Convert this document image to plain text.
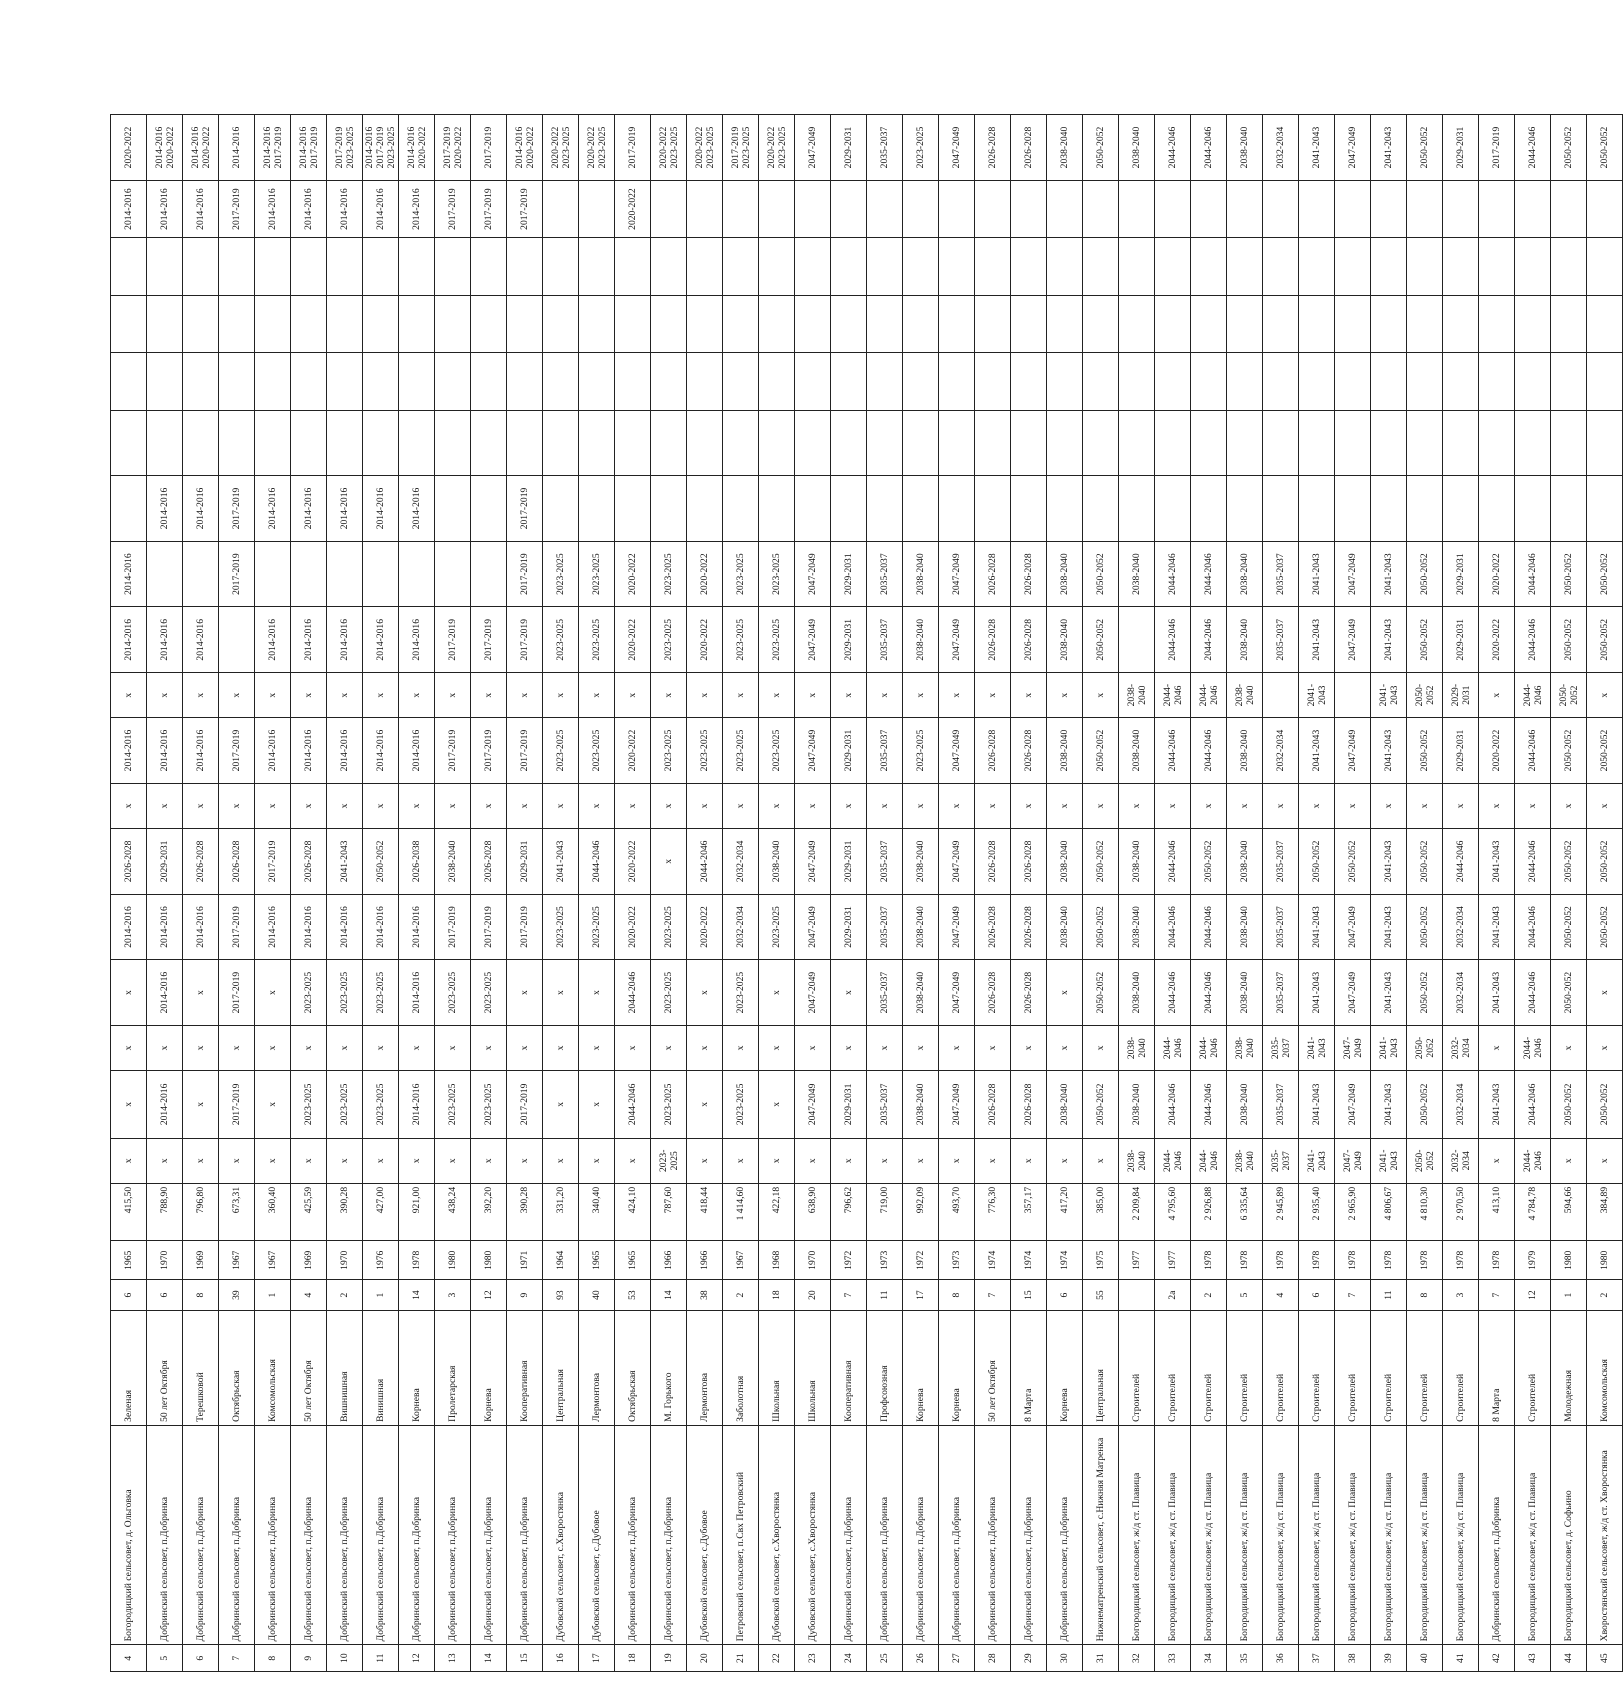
4	Богородицкий сельсовет, д. Ольговка	Зеленая	6	1965	415,50	x	x	x	x	2014-2016	2026-2028	x	2014-2016	x	2014-2016	2014-2016						2014-2016	2020-2022
5	Добринский сельсовет, п.Добринка	50 лет Октября	6	1970	788,90	x	2014-2016	x	2014-2016	2014-2016	2029-2031	x	2014-2016	x	2014-2016		2014-2016					2014-2016	2014-2016 2020-2022
6	Добринский сельсовет, п.Добринка	Терешковой	8	1969	796,80	x	x	x	x	2014-2016	2026-2028	x	2014-2016	x	2014-2016		2014-2016					2014-2016	2014-2016 2020-2022
7	Добринский сельсовет, п.Добринка	Октябрьская	39	1967	673,31	x	2017-2019	x	2017-2019	2017-2019	2026-2028	x	2017-2019	x		2017-2019	2017-2019					2017-2019	2014-2016
8	Добринский сельсовет, п.Добринка	Комсомольская	1	1967	360,40	x	x	x	x	2014-2016	2017-2019	x	2014-2016	x	2014-2016		2014-2016					2014-2016	2014-2016 2017-2019
9	Добринский сельсовет, п.Добринка	50 лет Октября	4	1969	425,59	x	2023-2025	x	2023-2025	2014-2016	2026-2028	x	2014-2016	x	2014-2016		2014-2016					2014-2016	2014-2016 2017-2019
10	Добринский сельсовет, п.Добринка	Вишнишная	2	1970	390,28	x	2023-2025	x	2023-2025	2014-2016	2041-2043	x	2014-2016	x	2014-2016		2014-2016					2014-2016	2017-2019 2023-2025
11	Добринский сельсовет, п.Добринка	Винишная	1	1976	427,00	x	2023-2025	x	2023-2025	2014-2016	2050-2052	x	2014-2016	x	2014-2016		2014-2016					2014-2016	2014-2016 2017-2019 2023-2025
12	Добринский сельсовет, п.Добринка	Корнева	14	1978	921,00	x	2014-2016	x	2014-2016	2014-2016	2026-2038	x	2014-2016	x	2014-2016		2014-2016					2014-2016	2014-2016 2020-2022
13	Добринский сельсовет, п.Добринка	Пролетарская	3	1980	438,24	x	2023-2025	x	2023-2025	2017-2019	2038-2040	x	2017-2019	x	2017-2019							2017-2019	2017-2019 2020-2022
14	Добринский сельсовет, п.Добринка	Корнева	12	1980	392,20	x	2023-2025	x	2023-2025	2017-2019	2026-2028	x	2017-2019	x	2017-2019							2017-2019	2017-2019
15	Добринский сельсовет, п.Добринка	Кооперативная	9	1971	390,28	x	2017-2019	x	x	2017-2019	2029-2031	x	2017-2019	x	2017-2019	2017-2019	2017-2019					2017-2019	2014-2016 2020-2022
16	Дубовской сельсовет, с.Хворостянка	Центральная	93	1964	331,20	x	x	x	x	2023-2025	2041-2043	x	2023-2025	x	2023-2025	2023-2025							2020-2022 2023-2025
17	Дубовской сельсовет, с.Дубовое	Лермонтова	40	1965	340,40	x	x	x	x	2023-2025	2044-2046	x	2023-2025	x	2023-2025	2023-2025							2020-2022 2023-2025
18	Добринский сельсовет, п.Добринка	Октябрьская	53	1965	424,10	x	2044-2046	x	2044-2046	2020-2022	2020-2022	x	2020-2022	x	2020-2022	2020-2022						2020-2022	2017-2019
19	Добринский сельсовет, п.Добринка	М. Горького	14	1966	787,60	2023-2025	2023-2025	x	2023-2025	2023-2025	x	x	2023-2025	x	2023-2025	2023-2025							2020-2022 2023-2025
20	Дубовской сельсовет, с.Дубовое	Лермонтова	38	1966	418,44	x	x	x	x	2020-2022	2044-2046	x	2023-2025	x	2020-2022	2020-2022							2020-2022 2023-2025
21	Петровский сельсовет, п.Свх Петровский	Заболотная	2	1967	1 414,60	x	2023-2025	x	2023-2025	2032-2034	2032-2034	x	2023-2025	x	2023-2025	2023-2025							2017-2019 2023-2025
22	Дубовской сельсовет, с.Хворостянка	Школьная	18	1968	422,18	x	x	x	x	2023-2025	2038-2040	x	2023-2025	x	2023-2025	2023-2025							2020-2022 2023-2025
23	Дубовской сельсовет, с.Хворостянка	Школьная	20	1970	638,90	x	2047-2049	x	2047-2049	2047-2049	2047-2049	x	2047-2049	x	2047-2049	2047-2049							2047-2049
24	Добринский сельсовет, п.Добринка	Кооперативная	7	1972	796,62	x	2029-2031	x	x	2029-2031	2029-2031	x	2029-2031	x	2029-2031	2029-2031							2029-2031
25	Добринский сельсовет, п.Добринка	Профсоюзная	11	1973	719,00	x	2035-2037	x	2035-2037	2035-2037	2035-2037	x	2035-2037	x	2035-2037	2035-2037							2035-2037
26	Добринский сельсовет, п.Добринка	Корнева	17	1972	992,09	x	2038-2040	x	2038-2040	2038-2040	2038-2040	x	2023-2025	x	2038-2040	2038-2040							2023-2025
27	Добринский сельсовет, п.Добринка	Корнева	8	1973	493,70	x	2047-2049	x	2047-2049	2047-2049	2047-2049	x	2047-2049	x	2047-2049	2047-2049							2047-2049
28	Добринский сельсовет, п.Добринка	50 лет Октября	7	1974	776,30	x	2026-2028	x	2026-2028	2026-2028	2026-2028	x	2026-2028	x	2026-2028	2026-2028							2026-2028
29	Добринский сельсовет, п.Добринка	8 Марта	15	1974	357,17	x	2026-2028	x	2026-2028	2026-2028	2026-2028	x	2026-2028	x	2026-2028	2026-2028							2026-2028
30	Добринский сельсовет, п.Добринка	Корнева	6	1974	417,20	x	2038-2040	x	x	2038-2040	2038-2040	x	2038-2040	x	2038-2040	2038-2040							2038-2040
31	Нижнематренский сельсовет, с.Нижняя Матренка	Центральная	55	1975	385,00	x	2050-2052	x	2050-2052	2050-2052	2050-2052	x	2050-2052	x	2050-2052	2050-2052							2050-2052
32	Богородицкий сельсовет, ж/д ст. Плавица	Строителей		1977	2 209,84	2038-2040	2038-2040	2038-2040	2038-2040	2038-2040	2038-2040	x	2038-2040	2038-2040		2038-2040							2038-2040
33	Богородицкий сельсовет, ж/д ст. Плавица	Строителей	2а	1977	4 795,60	2044-2046	2044-2046	2044-2046	2044-2046	2044-2046	2044-2046	x	2044-2046	2044-2046	2044-2046	2044-2046							2044-2046
34	Богородицкий сельсовет, ж/д ст. Плавица	Строителей	2	1978	2 926,88	2044-2046	2044-2046	2044-2046	2044-2046	2044-2046	2050-2052	x	2044-2046	2044-2046	2044-2046	2044-2046							2044-2046
35	Богородицкий сельсовет, ж/д ст. Плавица	Строителей	5	1978	6 335,64	2038-2040	2038-2040	2038-2040	2038-2040	2038-2040	2038-2040	x	2038-2040	2038-2040	2038-2040	2038-2040							2038-2040
36	Богородицкий сельсовет, ж/д ст. Плавица	Строителей	4	1978	2 945,89	2035-2037	2035-2037	2035-2037	2035-2037	2035-2037	2035-2037	x	2032-2034		2035-2037	2035-2037							2032-2034
37	Богородицкий сельсовет, ж/д ст. Плавица	Строителей	6	1978	2 935,40	2041-2043	2041-2043	2041-2043	2041-2043	2041-2043	2050-2052	x	2041-2043	2041-2043	2041-2043	2041-2043							2041-2043
38	Богородицкий сельсовет, ж/д ст. Плавица	Строителей	7	1978	2 965,90	2047-2049	2047-2049	2047-2049	2047-2049	2047-2049	2050-2052	x	2047-2049		2047-2049	2047-2049							2047-2049
39	Богородицкий сельсовет, ж/д ст. Плавица	Строителей	11	1978	4 806,67	2041-2043	2041-2043	2041-2043	2041-2043	2041-2043	2041-2043	x	2041-2043	2041-2043	2041-2043	2041-2043							2041-2043
40	Богородицкий сельсовет, ж/д ст. Плавица	Строителей	8	1978	4 810,30	2050-2052	2050-2052	2050-2052	2050-2052	2050-2052	2050-2052	x	2050-2052	2050-2052	2050-2052	2050-2052							2050-2052
41	Богородицкий сельсовет, ж/д ст. Плавица	Строителей	3	1978	2 970,50	2032-2034	2032-2034	2032-2034	2032-2034	2032-2034	2044-2046	x	2029-2031	2029-2031	2029-2031	2029-2031							2029-2031
42	Добринский сельсовет, п.Добринка	8 Марта	7	1978	413,10	x	2041-2043	x	2041-2043	2041-2043	2041-2043	x	2020-2022	x	2020-2022	2020-2022							2017-2019
43	Богородицкий сельсовет, ж/д ст. Плавица	Строителей	12	1979	4 784,78	2044-2046	2044-2046	2044-2046	2044-2046	2044-2046	2044-2046	x	2044-2046	2044-2046	2044-2046	2044-2046							2044-2046
44	Богородицкий сельсовет, д. Софьино	Молодежная	1	1980	594,66	x	2050-2052	x	2050-2052	2050-2052	2050-2052	x	2050-2052	2050-2052	2050-2052	2050-2052							2050-2052
45	Хворостянский сельсовет, ж/д ст. Хворостянка	Комсомольская	2	1980	384,89	x	2050-2052	x	x	2050-2052	2050-2052	x	2050-2052	x	2050-2052	2050-2052							2050-2052
